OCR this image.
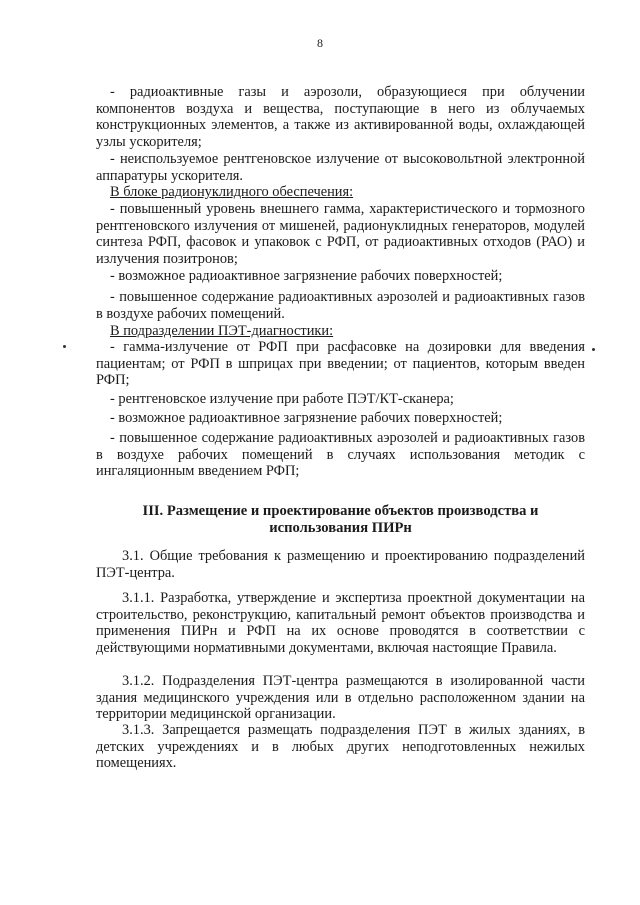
8

- радиоактивные газы и аэрозоли, образующиеся при облучении компонентов воздуха и вещества, поступающие в него из облучаемых конструкционных элементов, а также из активированной воды, охлаждающей узлы ускорителя;

- неиспользуемое рентгеновское излучение от высоковольтной электронной аппаратуры ускорителя.

В блоке радионуклидного обеспечения:

- повышенный уровень внешнего гамма, характеристического и тормозного рентгеновского излучения от мишеней, радионуклидных генераторов, модулей синтеза РФП, фасовок и упаковок с РФП, от радиоактивных отходов (РАО) и излучения позитронов;

- возможное радиоактивное загрязнение рабочих поверхностей;

- повышенное содержание радиоактивных аэрозолей и радиоактивных газов в воздухе рабочих помещений.

В подразделении ПЭТ-диагностики:

- гамма-излучение от РФП при расфасовке на дозировки для введения пациентам; от РФП в шприцах при введении; от пациентов, которым введен РФП;

- рентгеновское излучение при работе ПЭТ/КТ-сканера;

- возможное радиоактивное загрязнение рабочих поверхностей;

- повышенное содержание радиоактивных аэрозолей и радиоактивных газов в воздухе рабочих помещений в случаях использования методик с ингаляционным введением РФП;

III. Размещение и проектирование объектов производства и использования ПИРн

3.1. Общие требования к размещению и проектированию подразделений ПЭТ-центра.

3.1.1. Разработка, утверждение и экспертиза проектной документации на строительство, реконструкцию, капитальный ремонт объектов производства и применения ПИРн и РФП на их основе проводятся в соответствии с действующими нормативными документами, включая настоящие Правила.

3.1.2. Подразделения ПЭТ-центра размещаются в изолированной части здания медицинского учреждения или в отдельно расположенном здании на территории медицинской организации.

3.1.3. Запрещается размещать подразделения ПЭТ в жилых зданиях, в детских учреждениях и в любых других неподготовленных нежилых помещениях.
